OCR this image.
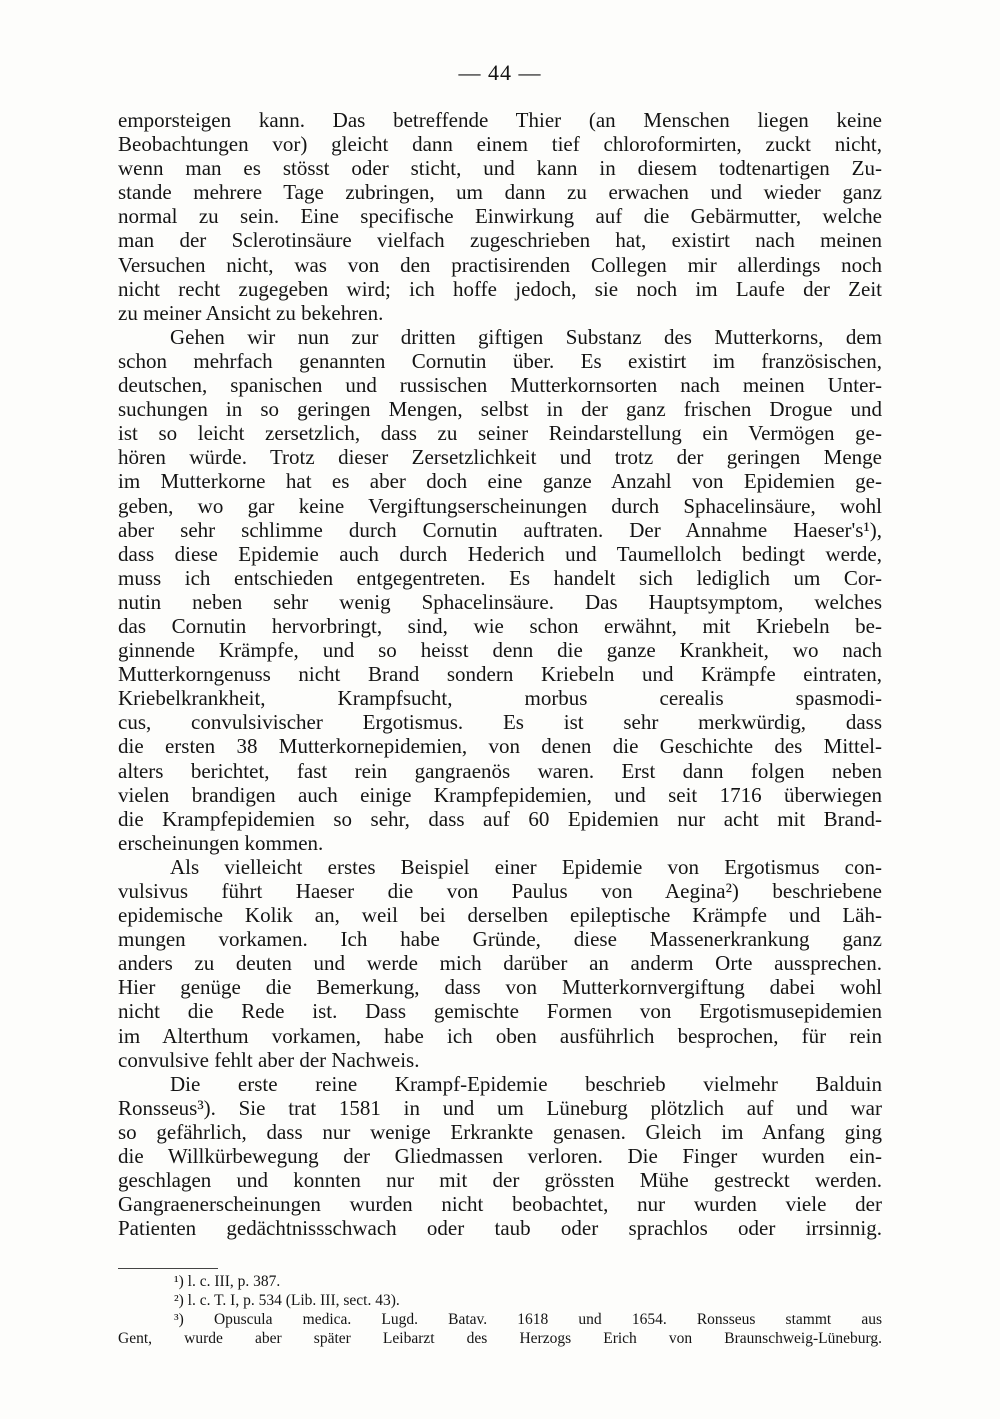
— 44 —
emporsteigen kann. Das betreffende Thier (an Menschen liegen keine
Beobachtungen vor) gleicht dann einem tief chloroformirten, zuckt nicht,
wenn man es stösst oder sticht, und kann in diesem todtenartigen Zu-
stande mehrere Tage zubringen, um dann zu erwachen und wieder ganz
normal zu sein. Eine specifische Einwirkung auf die Gebärmutter, welche
man der Sclerotinsäure vielfach zugeschrieben hat, existirt nach meinen
Versuchen nicht, was von den practisirenden Collegen mir allerdings noch
nicht recht zugegeben wird; ich hoffe jedoch, sie noch im Laufe der Zeit
zu meiner Ansicht zu bekehren.
Gehen wir nun zur dritten giftigen Substanz des Mutterkorns, dem
schon mehrfach genannten Cornutin über. Es existirt im französischen,
deutschen, spanischen und russischen Mutterkornsorten nach meinen Unter-
suchungen in so geringen Mengen, selbst in der ganz frischen Drogue und
ist so leicht zersetzlich, dass zu seiner Reindarstellung ein Vermögen ge-
hören würde. Trotz dieser Zersetzlichkeit und trotz der geringen Menge
im Mutterkorne hat es aber doch eine ganze Anzahl von Epidemien ge-
geben, wo gar keine Vergiftungserscheinungen durch Sphacelinsäure, wohl
aber sehr schlimme durch Cornutin auftraten. Der Annahme Haeser's¹),
dass diese Epidemie auch durch Hederich und Taumellolch bedingt werde,
muss ich entschieden entgegentreten. Es handelt sich lediglich um Cor-
nutin neben sehr wenig Sphacelinsäure. Das Hauptsymptom, welches
das Cornutin hervorbringt, sind, wie schon erwähnt, mit Kriebeln be-
ginnende Krämpfe, und so heisst denn die ganze Krankheit, wo nach
Mutterkorngenuss nicht Brand sondern Kriebeln und Krämpfe eintraten,
Kriebelkrankheit, Krampfsucht, morbus cerealis spasmodi-
cus, convulsivischer Ergotismus. Es ist sehr merkwürdig, dass
die ersten 38 Mutterkornepidemien, von denen die Geschichte des Mittel-
alters berichtet, fast rein gangraenös waren. Erst dann folgen neben
vielen brandigen auch einige Krampfepidemien, und seit 1716 überwiegen
die Krampfepidemien so sehr, dass auf 60 Epidemien nur acht mit Brand-
erscheinungen kommen.
Als vielleicht erstes Beispiel einer Epidemie von Ergotismus con-
vulsivus führt Haeser die von Paulus von Aegina²) beschriebene
epidemische Kolik an, weil bei derselben epileptische Krämpfe und Läh-
mungen vorkamen. Ich habe Gründe, diese Massenerkrankung ganz
anders zu deuten und werde mich darüber an anderm Orte aussprechen.
Hier genüge die Bemerkung, dass von Mutterkornvergiftung dabei wohl
nicht die Rede ist. Dass gemischte Formen von Ergotismusepidemien
im Alterthum vorkamen, habe ich oben ausführlich besprochen, für rein
convulsive fehlt aber der Nachweis.
Die erste reine Krampf-Epidemie beschrieb vielmehr Balduin
Ronsseus³). Sie trat 1581 in und um Lüneburg plötzlich auf und war
so gefährlich, dass nur wenige Erkrankte genasen. Gleich im Anfang ging
die Willkürbewegung der Gliedmassen verloren. Die Finger wurden ein-
geschlagen und konnten nur mit der grössten Mühe gestreckt werden.
Gangraenerscheinungen wurden nicht beobachtet, nur wurden viele der
Patienten gedächtnissschwach oder taub oder sprachlos oder irrsinnig.
¹) l. c. III, p. 387.
²) l. c. T. I, p. 534 (Lib. III, sect. 43).
³) Opuscula medica. Lugd. Batav. 1618 und 1654. Ronsseus stammt aus
Gent, wurde aber später Leibarzt des Herzogs Erich von Braunschweig-Lüneburg.
